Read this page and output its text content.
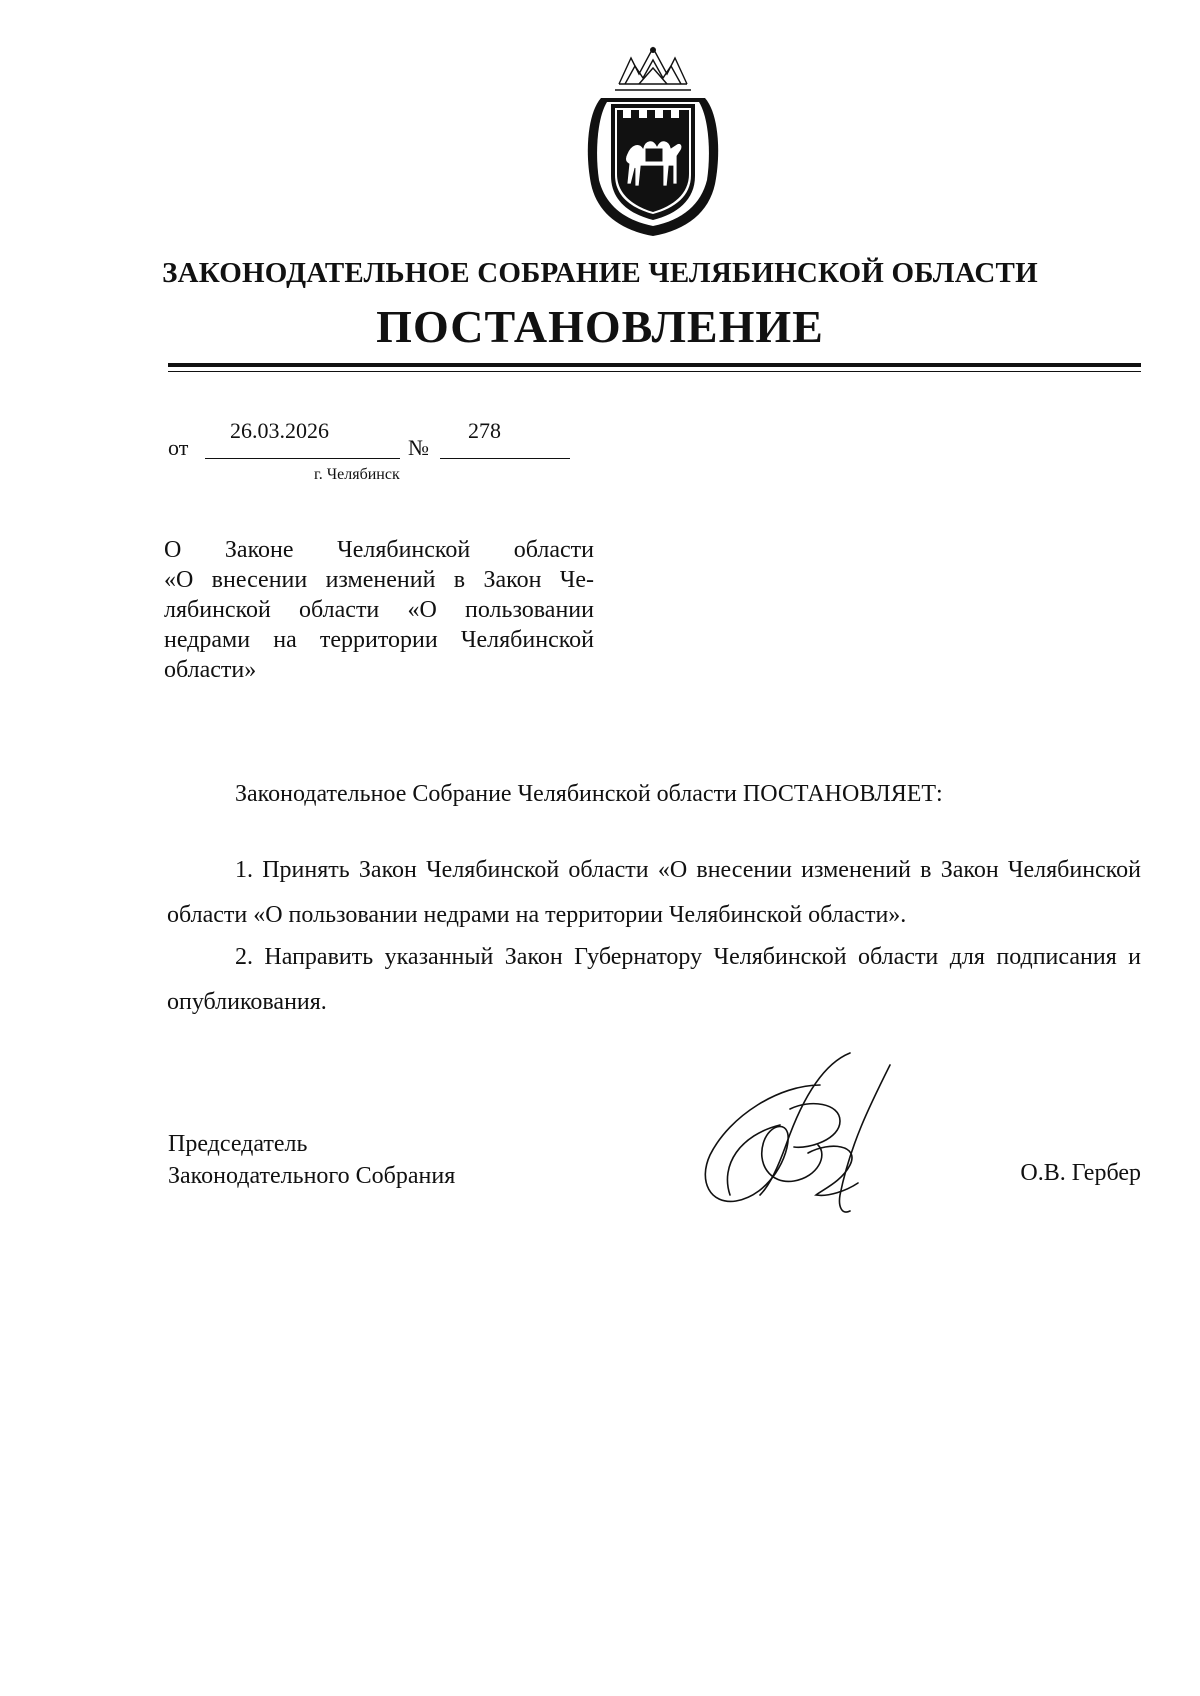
ЗАКОНОДАТЕЛЬНОЕ СОБРАНИЕ ЧЕЛЯБИНСКОЙ ОБЛАСТИ
ПОСТАНОВЛЕНИЕ
от
26.03.2026
№
278
г. Челябинск
О Законе Челябинской области
«О внесении изменений в Закон Че-
лябинской области «О пользовании
недрами на территории Челябинской
области»
Законодательное Собрание Челябинской области ПОСТАНОВЛЯЕТ:
1. Принять Закон Челябинской области «О внесении изменений в Закон Челябинской области «О пользовании недрами на территории Челябинской области».
2. Направить указанный Закон Губернатору Челябинской области для подписания и опубликования.
Председатель
Законодательного Собрания	О.В. Гербер
